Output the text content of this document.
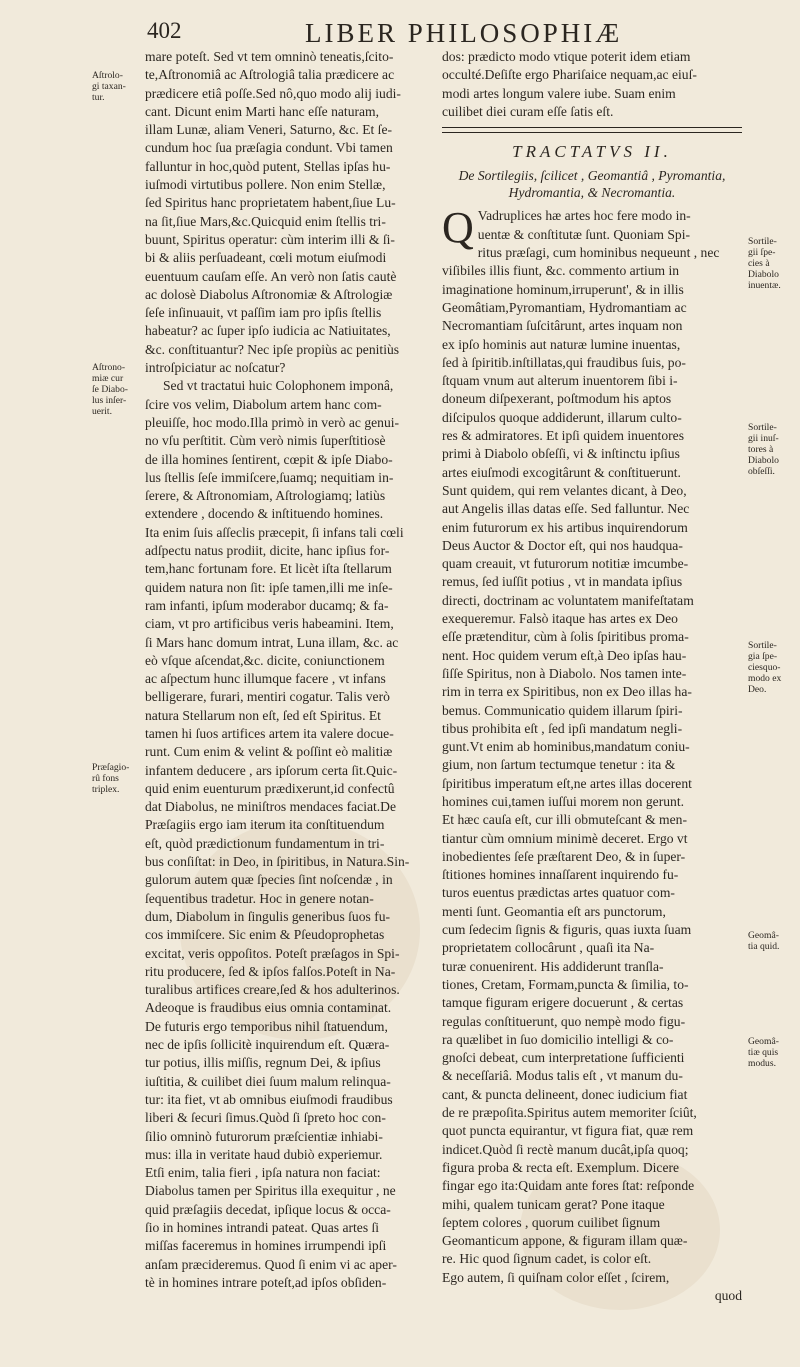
402	LIBER PHILOSOPHIÆ

mare poteſt. Sed vt tem omninò teneatis,ſcito-
te,Aſtronomiâ ac Aſtrologiâ talia prædicere ac
prædicere etiâ poſſe.Sed nô,quo modo alij iudi-
cant. Dicunt enim Marti hanc eſſe naturam,
illam Lunæ, aliam Veneri, Saturno, &c. Et ſe-
cundum hoc ſua præſagia condunt. Vbi tamen
falluntur in hoc,quòd putent, Stellas ipſas hu-
iuſmodi virtutibus pollere. Non enim Stellæ,
ſed Spiritus hanc proprietatem habent,ſiue Lu-
na ſit,ſiue Mars,&c.Quicquid enim ſtellis tri-
buunt, Spiritus operatur: cùm interim illi & ſi-
bi & aliis perſuadeant, cœli motum eiuſmodi
euentuum cauſam eſſe. An verò non ſatis cautè
ac dolosè Diabolus Aſtronomiæ & Aſtrologiæ
ſeſe inſinuauit, vt paſſim iam pro ipſis ſtellis
habeatur? ac ſuper ipſo iudicia ac Natiuitates,
&c. conſtituantur? Nec ipſe propiùs ac penitiùs
introſpiciatur ac noſcatur?

Sed vt tractatui huic Colophonem imponâ,
ſcire vos velim, Diabolum artem hanc com-
pleuiſſe, hoc modo.Illa primò in verò ac genui-
no vſu perſtitit. Cùm verò nimis ſuperſtitiosè
de illa homines ſentirent, cœpit & ipſe Diabo-
lus ſtellis ſeſe immiſcere,ſuamq; nequitiam in-
ſerere, & Aſtronomiam, Aſtrologiamq; latiùs
extendere , docendo & inſtituendo homines.
Ita enim ſuis aſſeclis præcepit, ſi infans tali cœli
adſpectu natus prodiit, dicite, hanc ipſius for-
tem,hanc fortunam fore. Et licèt iſta ſtellarum
quidem natura non ſit: ipſe tamen,illi me inſe-
ram infanti, ipſum moderabor ducamq; & fa-
ciam, vt pro artificibus veris habeamini. Item,
ſi Mars hanc domum intrat, Luna illam, &c. ac
eò vſque aſcendat,&c. dicite, coniunctionem
ac aſpectum hunc illumque facere , vt infans
belligerare, furari, mentiri cogatur. Talis verò
natura Stellarum non eſt, ſed eſt Spiritus. Et
tamen hi ſuos artifices artem ita valere docue-
runt. Cum enim & velint & poſſint eò malitiæ
infantem deducere , ars ipſorum certa ſit.Quic-
quid enim euenturum prædixerunt,id confectû
dat Diabolus, ne miniſtros mendaces faciat.De

Præſagiis ergo iam iterum ita conſtituendum
eſt, quòd prædictionum fundamentum in tri-
bus conſiſtat: in Deo, in ſpiritibus, in Natura.Sin-
gulorum autem quæ ſpecies ſint noſcendæ , in
ſequentibus tradetur. Hoc in genere notan-
dum, Diabolum in ſingulis generibus ſuos fu-
cos immiſcere. Sic enim & Pſeudoprophetas
excitat, veris oppoſitos. Poteſt præſagos in Spi-
ritu producere, ſed & ipſos falſos.Poteſt in Na-
turalibus artifices creare,ſed & hos adulterinos.
Adeoque is fraudibus eius omnia contaminat.
De futuris ergo temporibus nihil ſtatuendum,
nec de ipſis ſollicitè inquirendum eſt. Quæra-
tur potius, illis miſſis, regnum Dei, & ipſius
iuſtitia, & cuilibet diei ſuum malum relinqua-
tur: ita fiet, vt ab omnibus eiuſmodi fraudibus
liberi & ſecuri ſimus.Quòd ſi ſpreto hoc con-
ſilio omninò futurorum præſcientiæ inhiabi-
mus: illa in veritate haud dubiò experiemur.
Etſi enim, talia fieri , ipſa natura non faciat:
Diabolus tamen per Spiritus illa exequitur , ne
quid præſagiis decedat, ipſique locus & occa-
ſio in homines intrandi pateat. Quas artes ſi
miſſas faceremus in homines irrumpendi ipſi
anſam præcideremus. Quod ſi enim vi ac aper-
tè in homines intrare poteſt,ad ipſos obſiden-

dos: prædicto modo vtique poterit idem etiam
occulté.Deſiſte ergo Phariſaice nequam,ac eiuſ-
modi artes longum valere iube. Suam enim
cuilibet diei curam eſſe ſatis eſt.

TRACTATVS II.
De Sortilegiis, ſcilicet , Geomantiâ , Pyromantia,
Hydromantia, & Necromantia.
Q Vadruplices hæ artes hoc fere modo in-
uentæ & conſtitutæ ſunt. Quoniam Spi-
ritus præſagi, cum hominibus nequeunt , nec
viſibiles illis fiunt, &c. commento artium in
imaginatione hominum,irruperunt', & in illis
Geomâtiam,Pyromantiam, Hydromantiam ac
Necromantiam ſuſcitârunt, artes inquam non
ex ipſo hominis aut naturæ lumine inuentas,
ſed à ſpiritib.inſtillatas,qui fraudibus ſuis, po-
ſtquam vnum aut alterum inuentorem ſibi i-
doneum diſpexerant, poſtmodum his aptos
diſcipulos quoque addiderunt, illarum culto-
res & admiratores. Et ipſi quidem inuentores
primi à Diabolo obſeſſi, vi & inſtinctu ipſius
artes eiuſmodi excogitârunt & conſtituerunt.
Sunt quidem, qui rem velantes dicant, à Deo,
aut Angelis illas datas eſſe. Sed falluntur. Nec
enim futurorum ex his artibus inquirendorum
Deus Auctor & Doctor eſt, qui nos haudqua-
quam creauit, vt futurorum notitiæ imcumbe-
remus, ſed iuſſit potius , vt in mandata ipſius
directi, doctrinam ac voluntatem manifeſtatam
exequeremur. Falsò itaque has artes ex Deo
eſſe prætenditur, cùm à ſolis ſpiritibus proma-
nent. Hoc quidem verum eſt,à Deo ipſas hau-
ſiſſe Spiritus, non à Diabolo. Nos tamen inte-
rim in terra ex Spiritibus, non ex Deo illas ha-
bemus. Communicatio quidem illarum ſpiri-
tibus prohibita eſt , ſed ipſi mandatum negli-
gunt.Vt enim ab hominibus,mandatum coniu-
gium, non ſartum tectumque tenetur : ita &
ſpiritibus imperatum eſt,ne artes illas docerent
homines cui,tamen iuſſui morem non gerunt.
Et hæc cauſa eſt, cur illi obmuteſcant & men-
tiantur cùm omnium minimè deceret. Ergo vt
inobedientes ſeſe præſtarent Deo, & in ſuper-
ſtitiones homines innaſſarent inquirendo fu-
turos euentus prædictas artes quatuor com-
menti ſunt. Geomantia eſt ars punctorum,
cum ſedecim ſignis & figuris, quas iuxta ſuam
proprietatem collocârunt , quaſi ita Na-
turæ conuenirent. His addiderunt tranſla-
tiones, Cretam, Formam,puncta & ſimilia, to-
tamque figuram erigere docuerunt , & certas
regulas conſtituerunt, quo nempè modo figu-
ra quælibet in ſuo domicilio intelligi & co-
gnoſci debeat, cum interpretatione ſufficienti
& neceſſariâ. Modus talis eſt , vt manum du-
cant, & puncta delineent, donec iudicium fiat
de re præpoſita.Spiritus autem memoriter ſciût,
quot puncta equirantur, vt figura fiat, quæ rem
indicet.Quòd ſi rectè manum ducât,ipſa quoq;
figura proba & recta eſt. Exemplum. Dicere
fingar ego ita:Quidam ante fores ſtat: reſponde
mihi, qualem tunicam gerat? Pone itaque
ſeptem colores , quorum cuilibet ſignum
Geomanticum appone, & figuram illam quæ-
re. Hic quod ſignum cadet, is color eſt.
Ego autem, ſi quiſnam color eſſet , ſcirem,

quod
Aſtrolo-
gi taxan-
tur.
Aſtrono-
miæ cur
ſe Diabo-
lus inſer-
uerit.
Præſagio-
rû fons
triplex.
Sortile-
gii ſpe-
cies à
Diabolo
inuentæ.
Sortile-
gii inuſ-
tores à
Diabolo
obſeſſi.
Sortile-
gia ſpe-
ciesquo-
modo ex
Deo.
Geomâ-
tia quid.
Geomâ-
tiæ quis
modus.
